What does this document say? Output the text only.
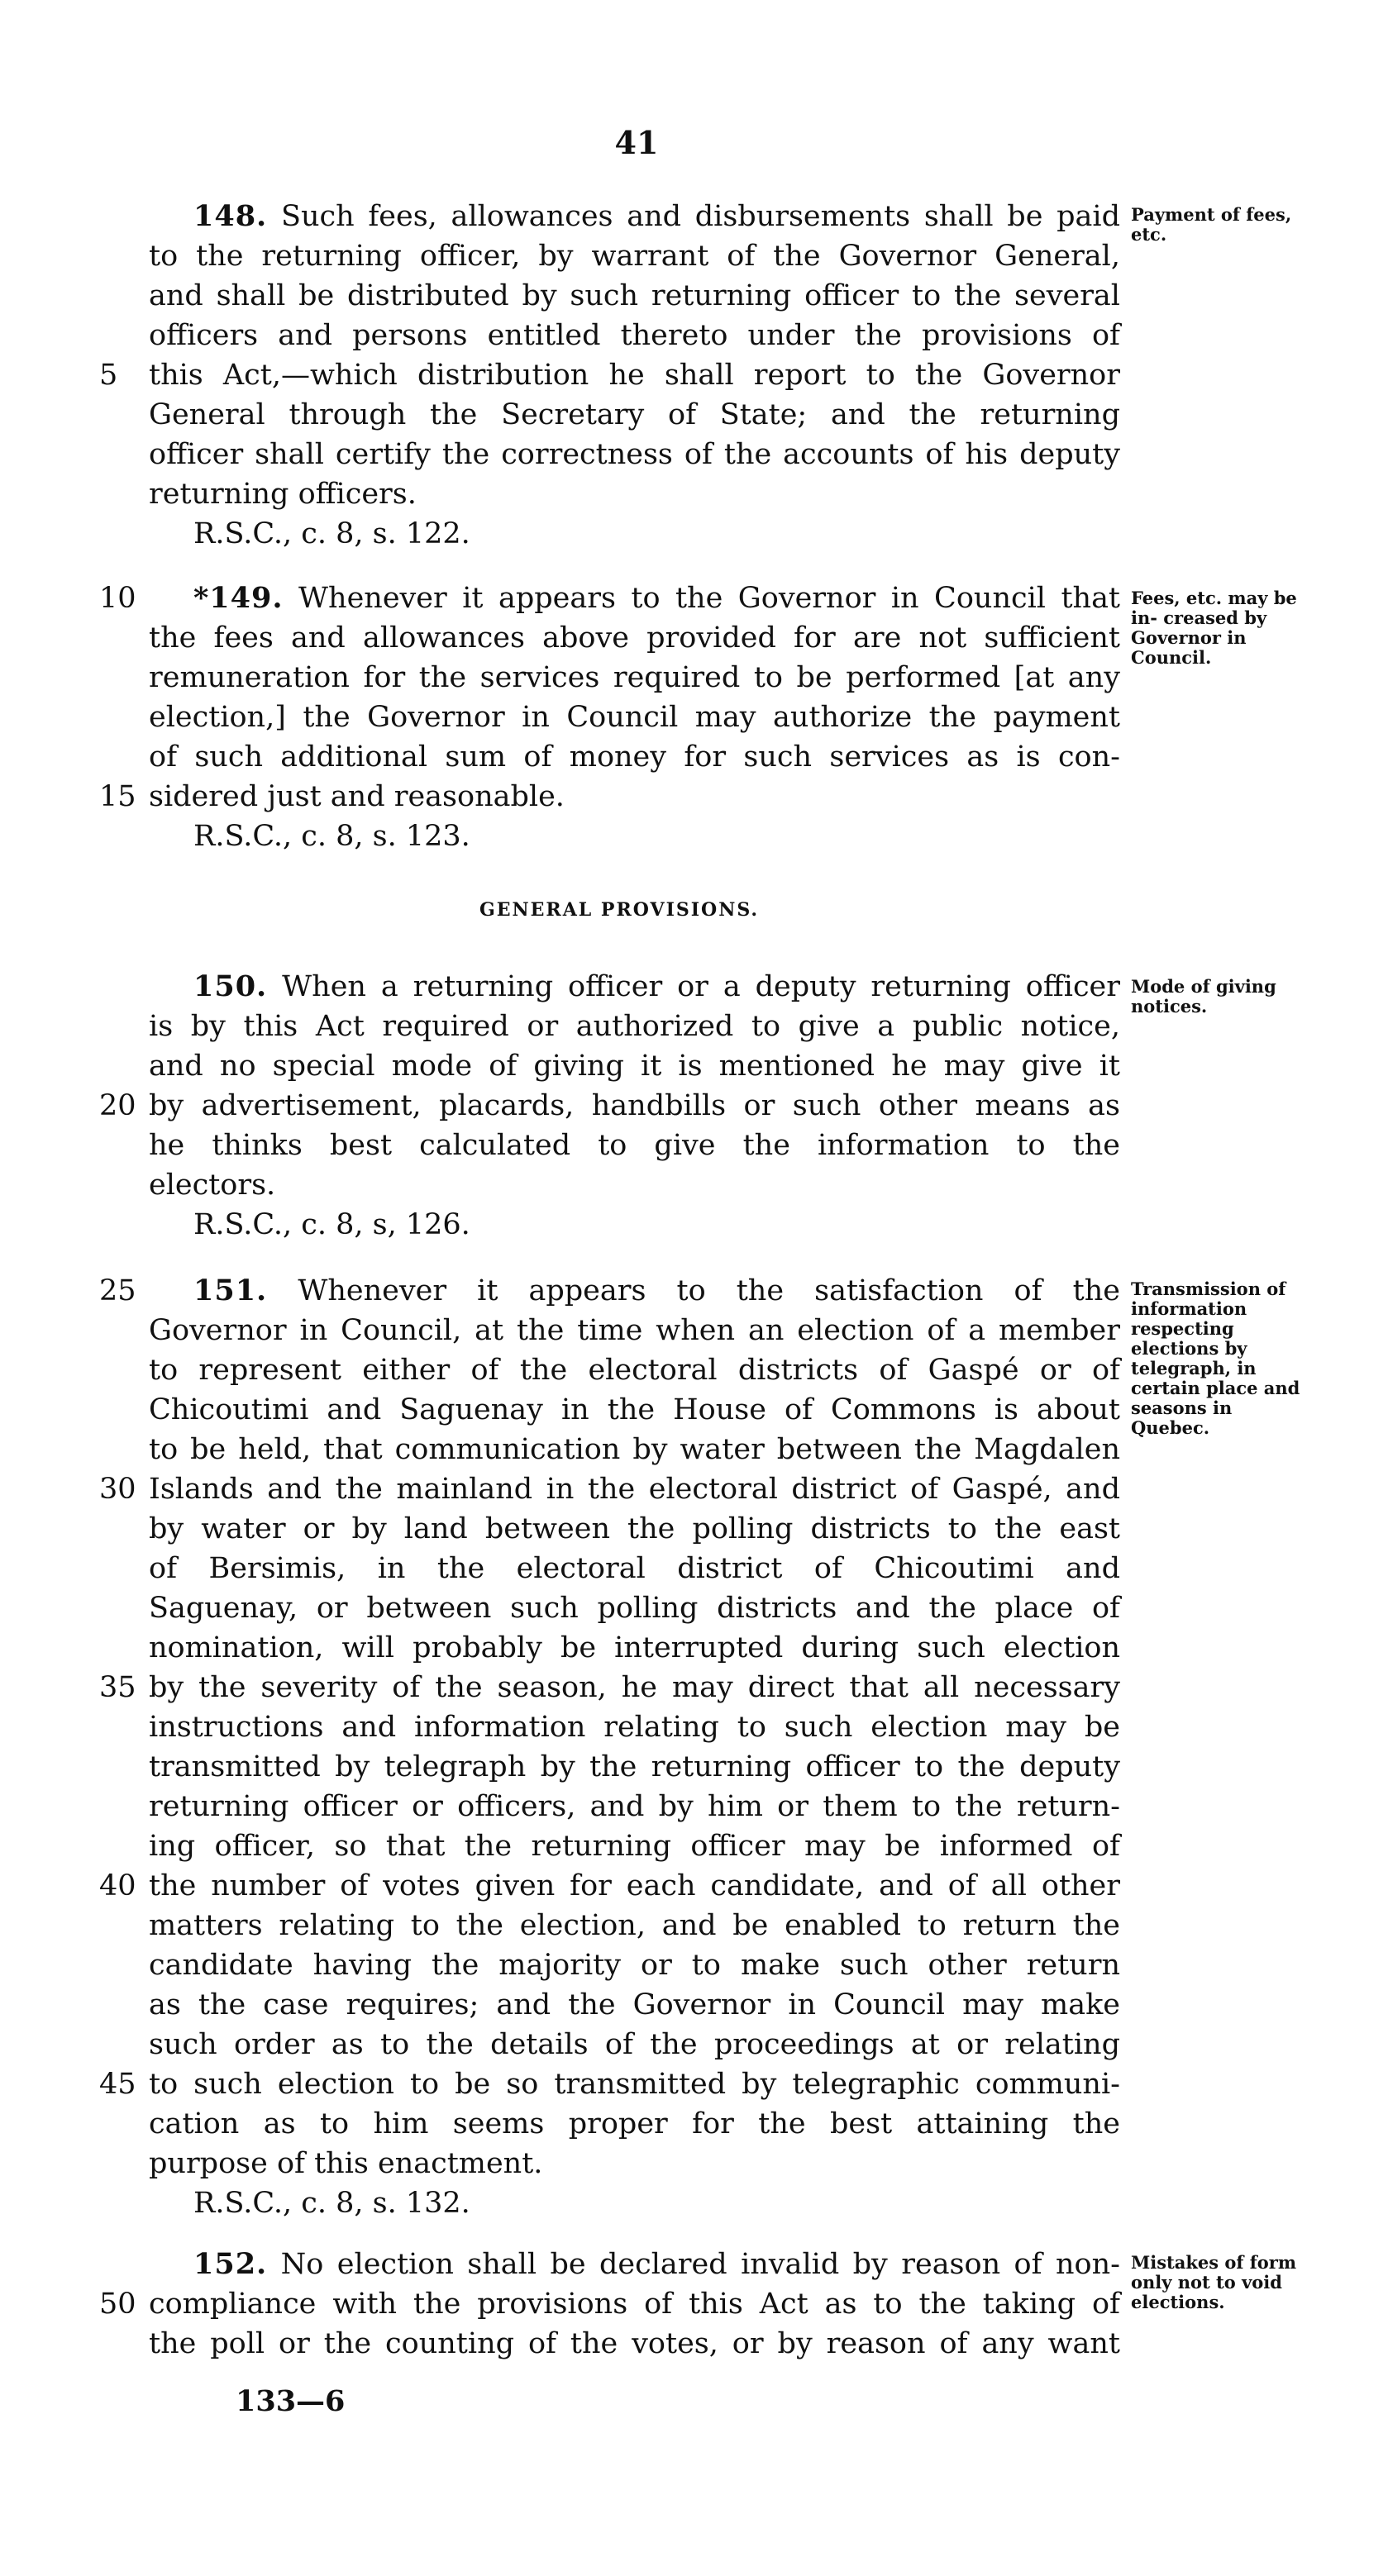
41
148. Such fees, allowances and disbursements shall be paid
to the returning officer, by warrant of the Governor General,
and shall be distributed by such returning officer to the several
officers and persons entitled thereto under the provisions of
this Act,—which distribution he shall report to the Governor
General through the Secretary of State; and the returning
officer shall certify the correctness of the accounts of his deputy
returning officers.
R.S.C., c. 8, s. 122.
Payment of fees, etc.
*149. Whenever it appears to the Governor in Council that
the fees and allowances above provided for are not sufficient
remuneration for the services required to be performed [at any
election,] the Governor in Council may authorize the payment
of such additional sum of money for such services as is con-
sidered just and reasonable.
R.S.C., c. 8, s. 123.
Fees, etc. may be in- creased by Governor in Council.
GENERAL PROVISIONS.
150. When a returning officer or a deputy returning officer
is by this Act required or authorized to give a public notice,
and no special mode of giving it is mentioned he may give it
by advertisement, placards, handbills or such other means as
he thinks best calculated to give the information to the
electors.
R.S.C., c. 8, s, 126.
Mode of giving notices.
151. Whenever it appears to the satisfaction of the
Governor in Council, at the time when an election of a member
to represent either of the electoral districts of Gaspé or of
Chicoutimi and Saguenay in the House of Commons is about
to be held, that communication by water between the Magdalen
Islands and the mainland in the electoral district of Gaspé, and
by water or by land between the polling districts to the east
of Bersimis, in the electoral district of Chicoutimi and
Saguenay, or between such polling districts and the place of
nomination, will probably be interrupted during such election
by the severity of the season, he may direct that all necessary
instructions and information relating to such election may be
transmitted by telegraph by the returning officer to the deputy
returning officer or officers, and by him or them to the return-
ing officer, so that the returning officer may be informed of
the number of votes given for each candidate, and of all other
matters relating to the election, and be enabled to return the
candidate having the majority or to make such other return
as the case requires; and the Governor in Council may make
such order as to the details of the proceedings at or relating
to such election to be so transmitted by telegraphic communi-
cation as to him seems proper for the best attaining the
purpose of this enactment.
R.S.C., c. 8, s. 132.
Transmission of information respecting elections by telegraph, in certain place and seasons in Quebec.
152. No election shall be declared invalid by reason of non-
compliance with the provisions of this Act as to the taking of
the poll or the counting of the votes, or by reason of any want
Mistakes of form only not to void elections.
5
10
15
20
25
30
35
40
45
50
133—6
